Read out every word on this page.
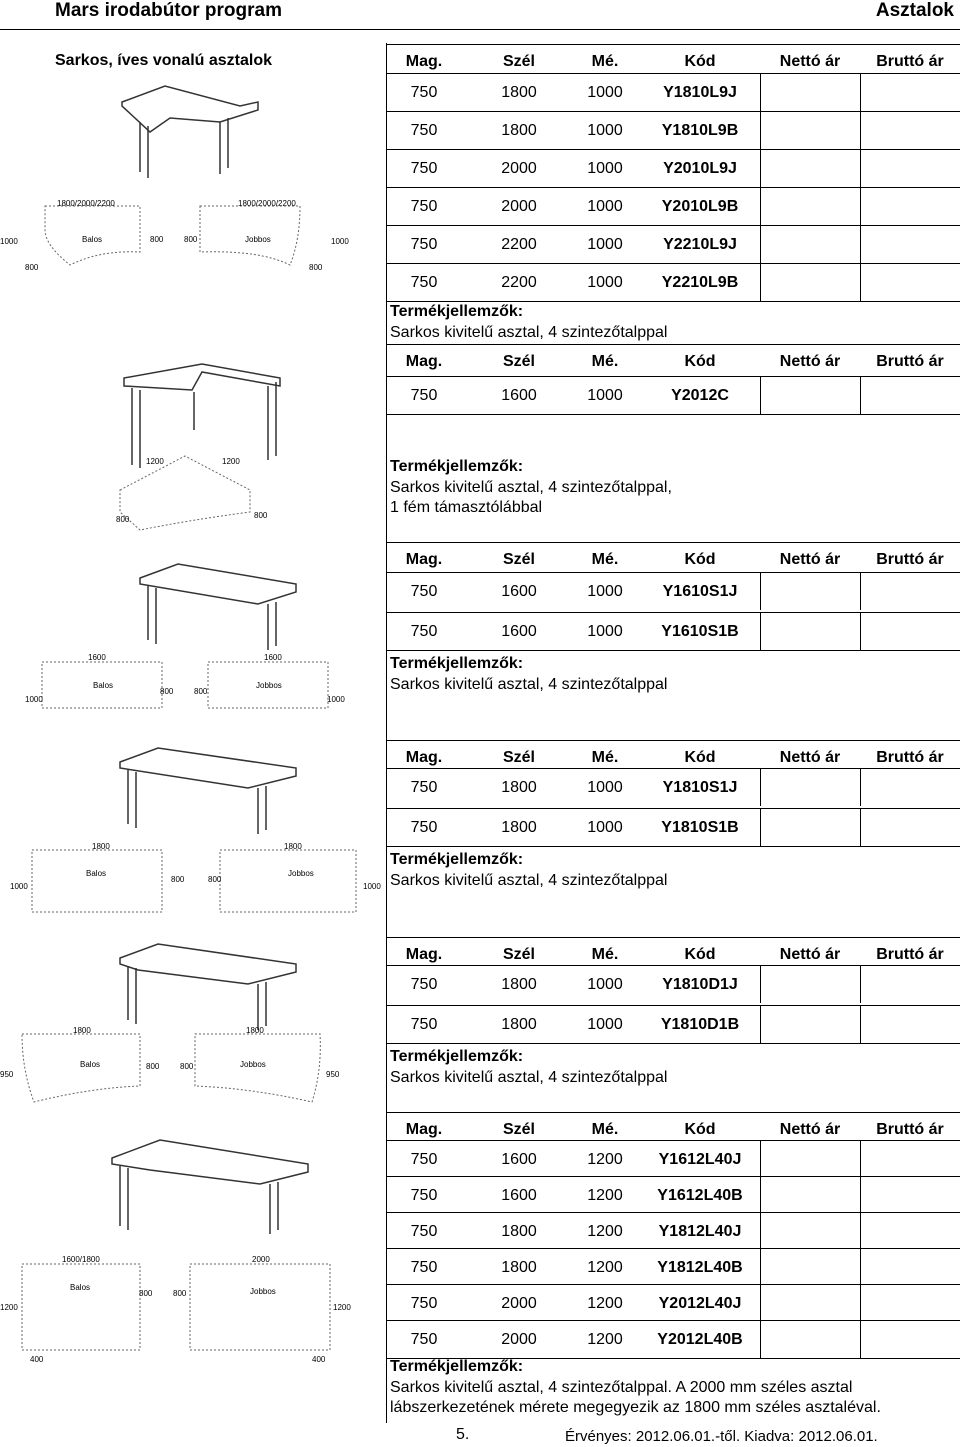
Mars irodabútor program	Asztalok
Sarkos, íves vonalú asztalok	Mag.	Szél	Mé.	Kód	Nettó ár	Bruttó ár
750	1800	1000	Y1810L9J
750	1800	1000	Y1810L9B
750	2000	1000	Y2010L9J
750	2000	1000	Y2010L9B
750	2200	1000	Y2210L9J
750	2200	1000	Y2210L9B
Termékjellemzők:
Sarkos kivitelű asztal, 4 szintezőtalppal
Mag.	Szél	Mé.	Kód	Nettó ár	Bruttó ár
750	1600	1000	Y2012C
Termékjellemzők:
Sarkos kivitelű asztal, 4 szintezőtalppal,
1 fém támasztólábbal
Mag.	Szél	Mé.	Kód	Nettó ár	Bruttó ár
750	1600	1000	Y1610S1J
750	1600	1000	Y1610S1B
Termékjellemzők:
Sarkos kivitelű asztal, 4 szintezőtalppal
Mag.	Szél	Mé.	Kód	Nettó ár	Bruttó ár
750	1800	1000	Y1810S1J
750	1800	1000	Y1810S1B
Termékjellemzők:
Sarkos kivitelű asztal, 4 szintezőtalppal
Mag.	Szél	Mé.	Kód	Nettó ár	Bruttó ár
750	1800	1000	Y1810D1J
750	1800	1000	Y1810D1B
Termékjellemzők:
Sarkos kivitelű asztal, 4 szintezőtalppal
Mag.	Szél	Mé.	Kód	Nettó ár	Bruttó ár
750	1600	1200	Y1612L40J
750	1600	1200	Y1612L40B
750	1800	1200	Y1812L40J
750	1800	1200	Y1812L40B
750	2000	1200	Y2012L40J
750	2000	1200	Y2012L40B
Termékjellemzők:
Sarkos kivitelű asztal, 4 szintezőtalppal. A 2000 mm széles asztal
lábszerkezetének mérete megegyezik az 1800 mm széles asztaléval.
1800/2000/2200	1800/2000/2200
1000	1000
800	800
800	800
Balos	Jobbos
1200	1200
800	800
1600	1600
1000	1000
800	800
Balos	Jobbos
1800	1800
1000	1000
800	800
Balos	Jobbos
1800	1800
950	950
800	800
Balos	Jobbos
1600/1800	2000
1200	1200
800	800
400	400
Balos	Jobbos
5.	Érvényes: 2012.06.01.-től. Kiadva: 2012.06.01.
